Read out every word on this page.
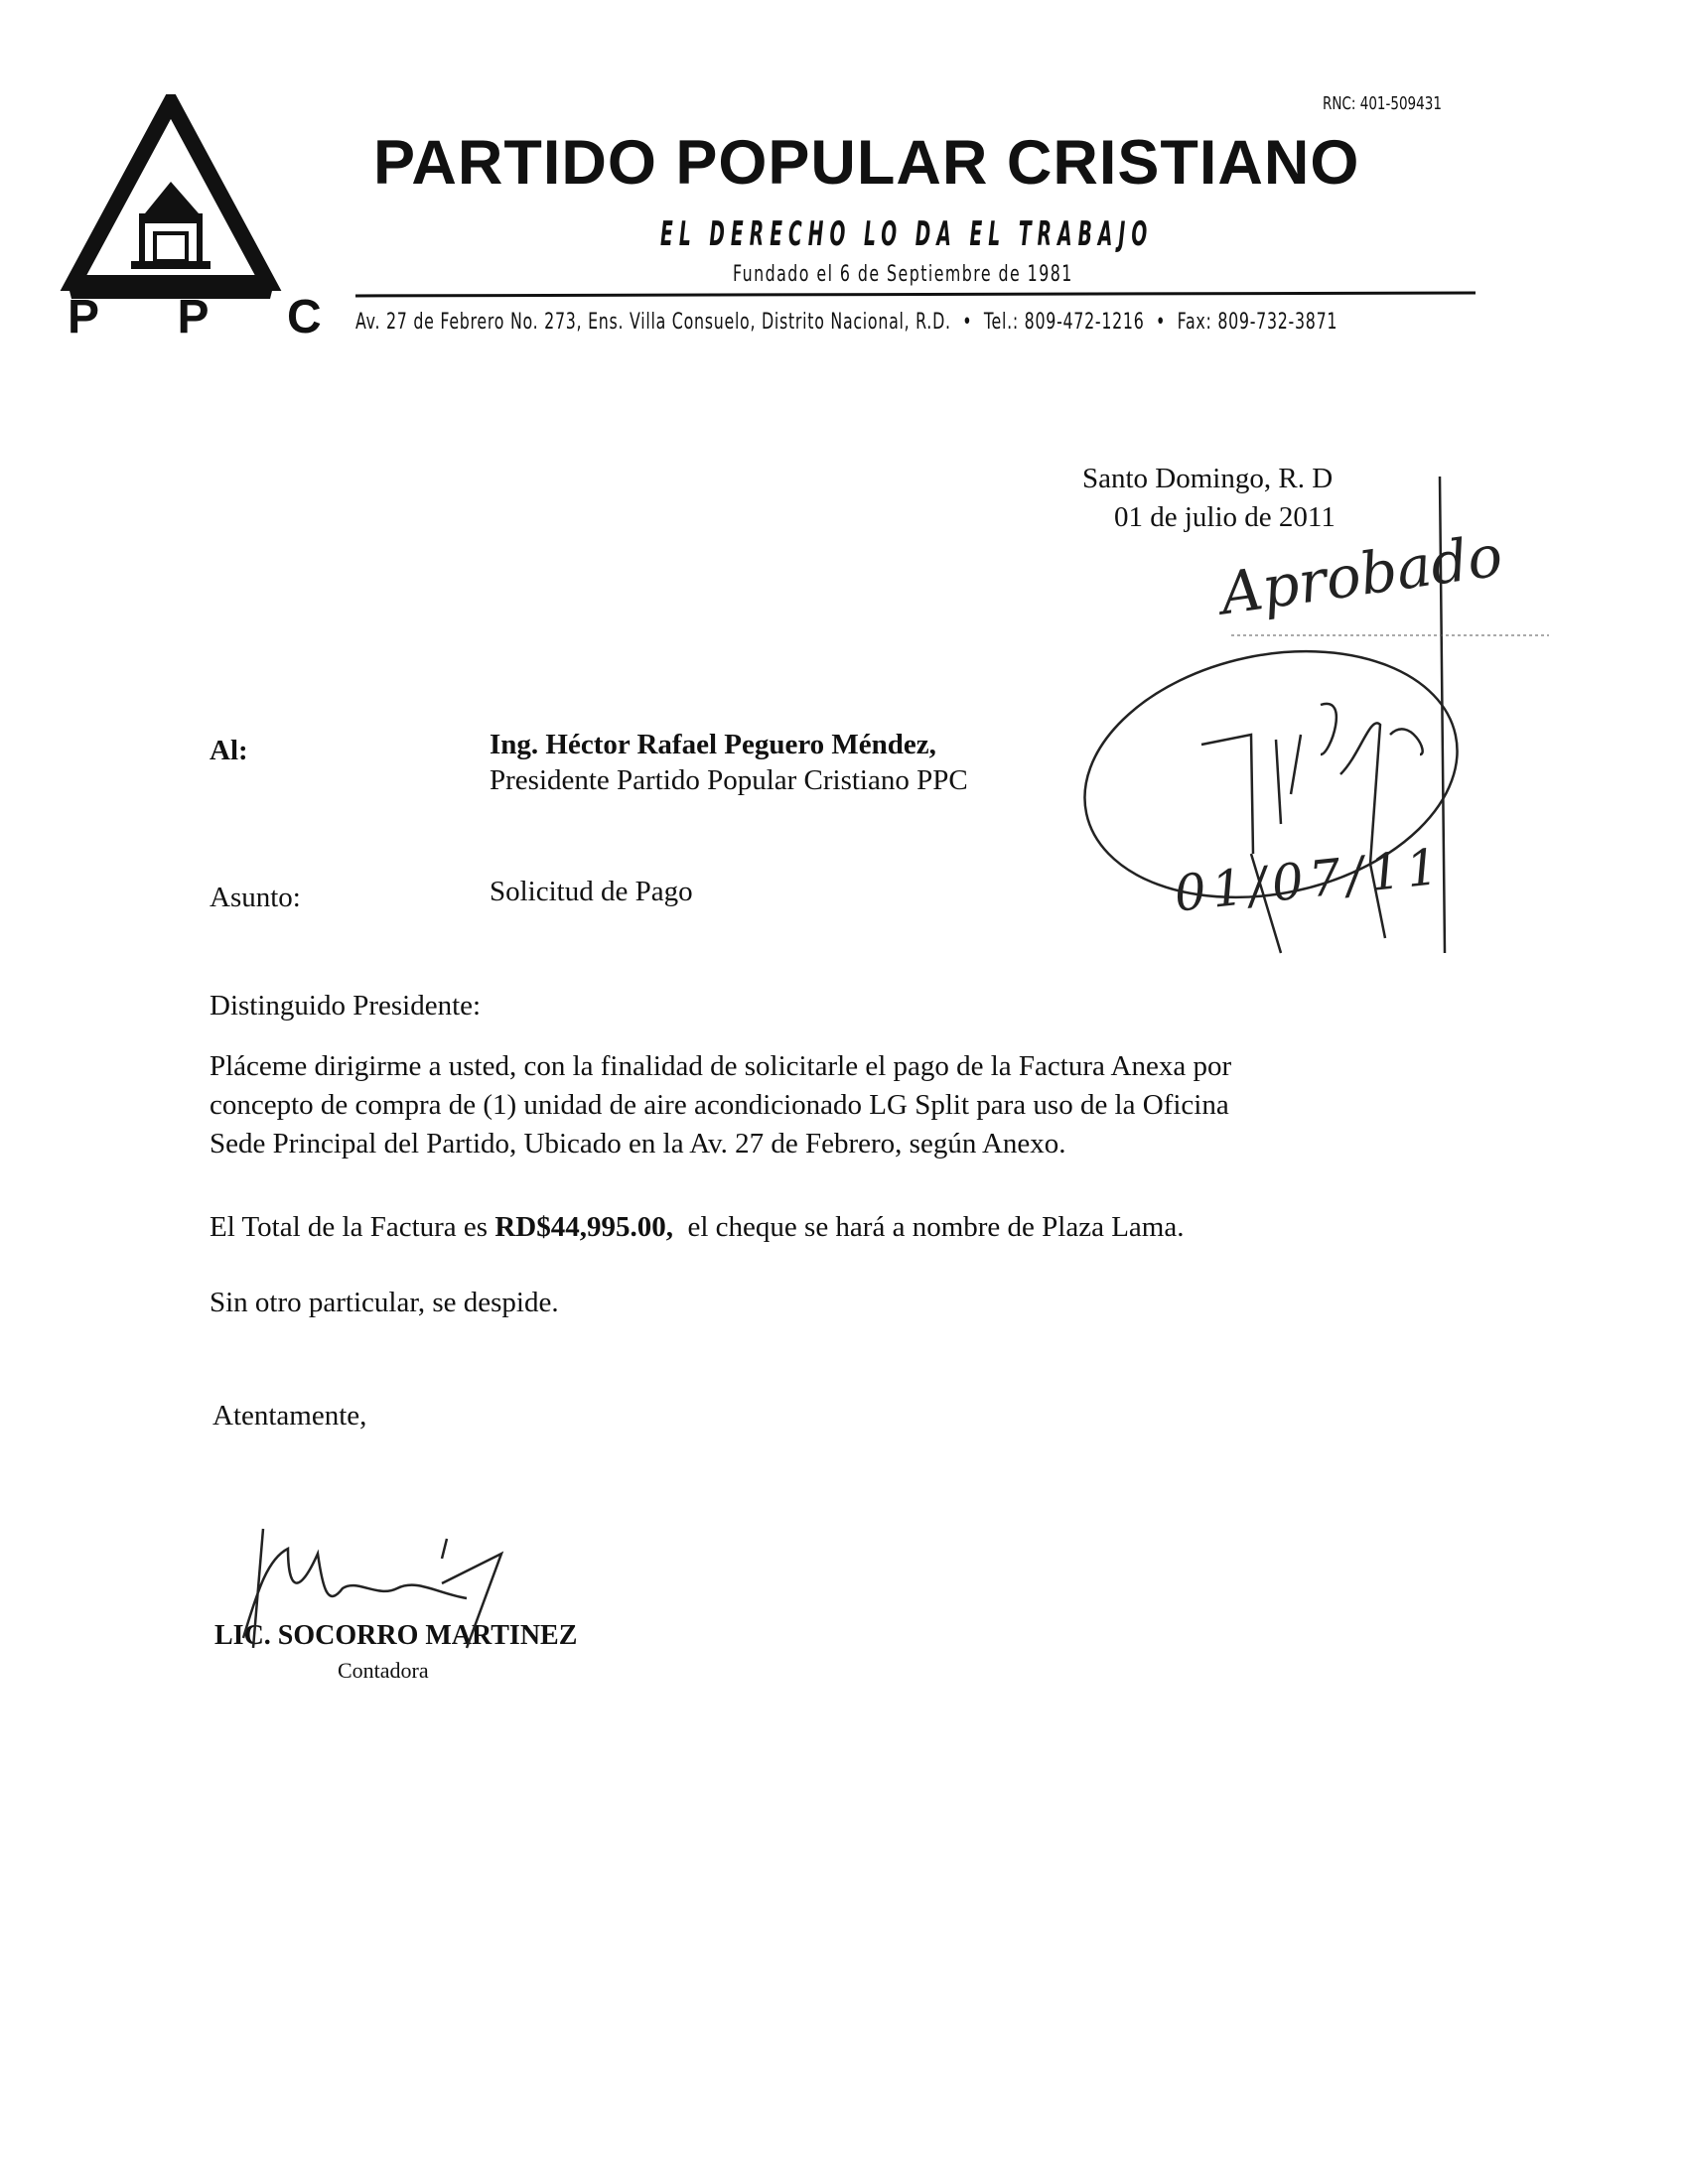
P P C
RNC: 401-509431
PARTIDO POPULAR CRISTIANO
EL DERECHO LO DA EL TRABAJO
Fundado el 6 de Septiembre de 1981
Av. 27 de Febrero No. 273, Ens. Villa Consuelo, Distrito Nacional, R.D.  •  Tel.: 809-472-1216  •  Fax: 809-732-3871
Santo Domingo, R. D
01 de julio de 2011
Al:	Ing. Héctor Rafael Peguero Méndez,
Presidente Partido Popular Cristiano PPC
Asunto:	Solicitud de Pago
Distinguido Presidente:
Pláceme dirigirme a usted, con la finalidad de solicitarle el pago de la Factura Anexa por
concepto de compra de (1) unidad de aire acondicionado LG Split para uso de la Oficina
Sede Principal del Partido, Ubicado en la Av. 27 de Febrero, según Anexo.
El Total de la Factura es RD$44,995.00,  el cheque se hará a nombre de Plaza Lama.
Sin otro particular, se despide.
Atentamente,
LIC. SOCORRO MARTINEZ
Contadora
Aprobado
01/07/11
